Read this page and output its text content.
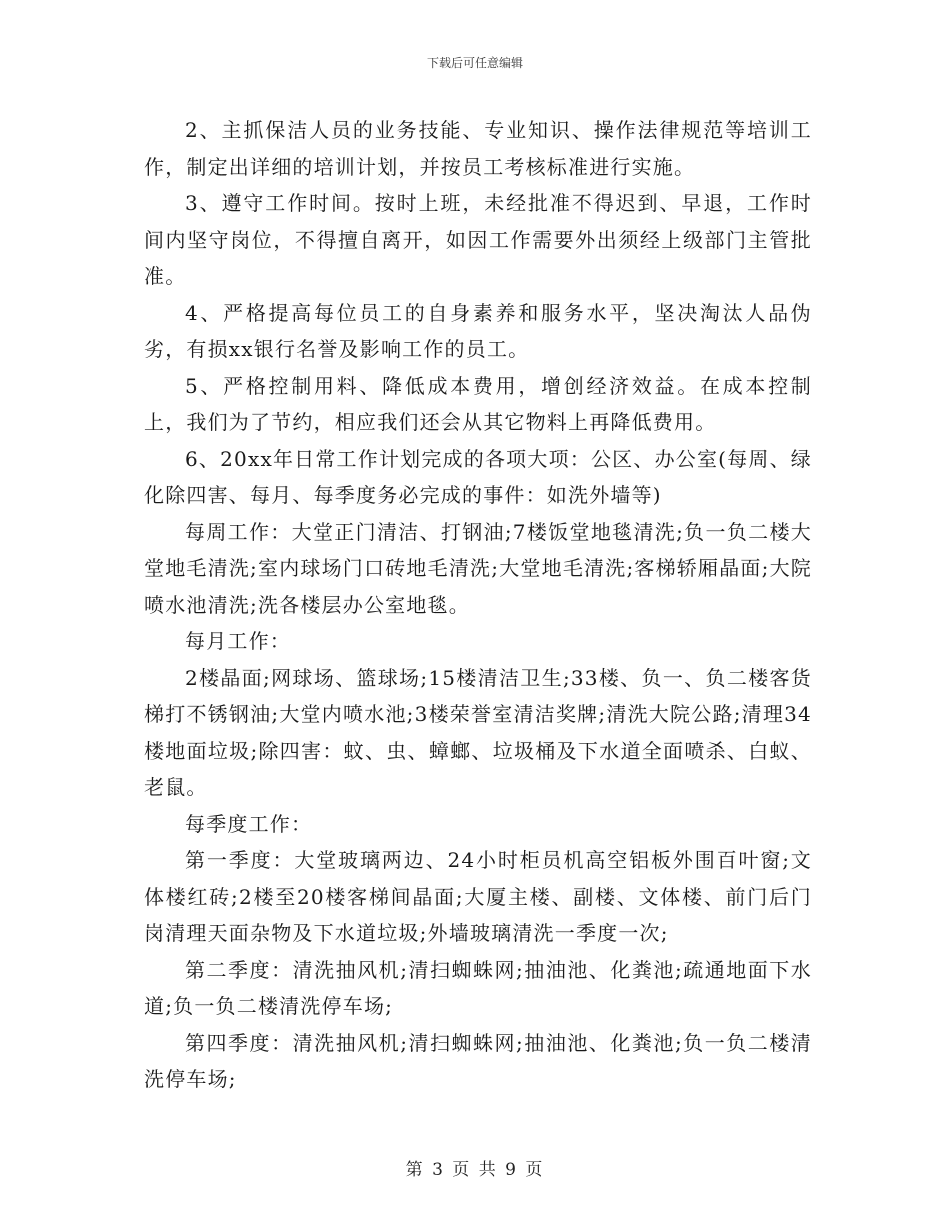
下载后可任意编辑

2、主抓保洁人员的业务技能、专业知识、操作法律规范等培训工作，制定出详细的培训计划，并按员工考核标准进行实施。

3、遵守工作时间。按时上班，未经批准不得迟到、早退，工作时间内坚守岗位，不得擅自离开，如因工作需要外出须经上级部门主管批准。

4、严格提高每位员工的自身素养和服务水平，坚决淘汰人品伪劣，有损xx银行名誉及影响工作的员工。

5、严格控制用料、降低成本费用，增创经济效益。在成本控制上，我们为了节约，相应我们还会从其它物料上再降低费用。

6、20xx年日常工作计划完成的各项大项：公区、办公室(每周、绿化除四害、每月、每季度务必完成的事件：如洗外墙等)

每周工作：大堂正门清洁、打钢油;7楼饭堂地毯清洗;负一负二楼大堂地毛清洗;室内球场门口砖地毛清洗;大堂地毛清洗;客梯轿厢晶面;大院喷水池清洗;洗各楼层办公室地毯。

每月工作：

2楼晶面;网球场、篮球场;15楼清洁卫生;33楼、负一、负二楼客货梯打不锈钢油;大堂内喷水池;3楼荣誉室清洁奖牌;清洗大院公路;清理34楼地面垃圾;除四害：蚊、虫、蟑螂、垃圾桶及下水道全面喷杀、白蚁、老鼠。

每季度工作：

第一季度：大堂玻璃两边、24小时柜员机高空铝板外围百叶窗;文体楼红砖;2楼至20楼客梯间晶面;大厦主楼、副楼、文体楼、前门后门岗清理天面杂物及下水道垃圾;外墙玻璃清洗一季度一次;

第二季度：清洗抽风机;清扫蜘蛛网;抽油池、化粪池;疏通地面下水道;负一负二楼清洗停车场;

第四季度：清洗抽风机;清扫蜘蛛网;抽油池、化粪池;负一负二楼清洗停车场;

第 3 页 共 9 页
